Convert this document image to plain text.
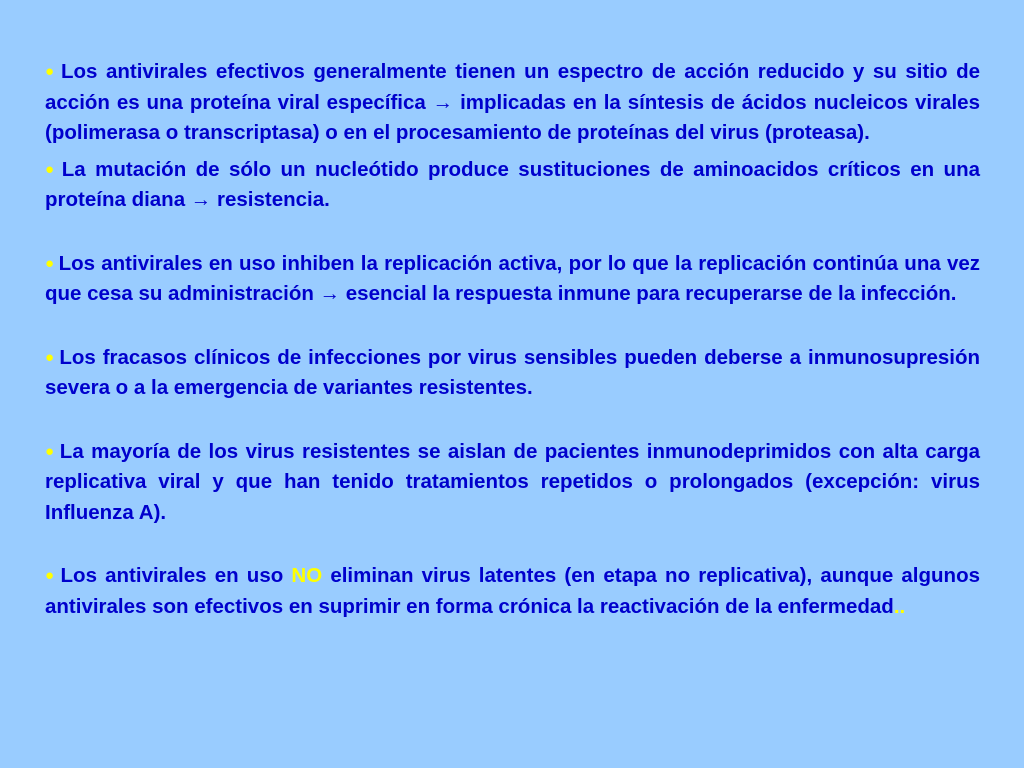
● Los antivirales efectivos generalmente tienen un espectro de acción reducido y su sitio de acción es una proteína viral específica → implicadas en la síntesis de ácidos nucleicos virales (polimerasa o transcriptasa) o en el procesamiento de proteínas del virus (proteasa).

● La mutación de sólo un nucleótido produce sustituciones de aminoacidos críticos en una proteína diana → resistencia.

● Los antivirales en uso inhiben la replicación activa, por lo que la replicación continúa una vez que cesa su administración → esencial la respuesta inmune para recuperarse de la infección.

● Los fracasos clínicos de infecciones por virus sensibles pueden deberse a inmunosupresión severa o a la emergencia de variantes resistentes.

● La mayoría de los virus resistentes se aislan de pacientes inmunodeprimidos con alta carga replicativa viral y que han tenido tratamientos repetidos o prolongados (excepción: virus Influenza A).

● Los antivirales en uso NO eliminan virus latentes (en etapa no replicativa), aunque algunos antivirales son efectivos en suprimir en forma crónica la reactivación de la enfermedad..
